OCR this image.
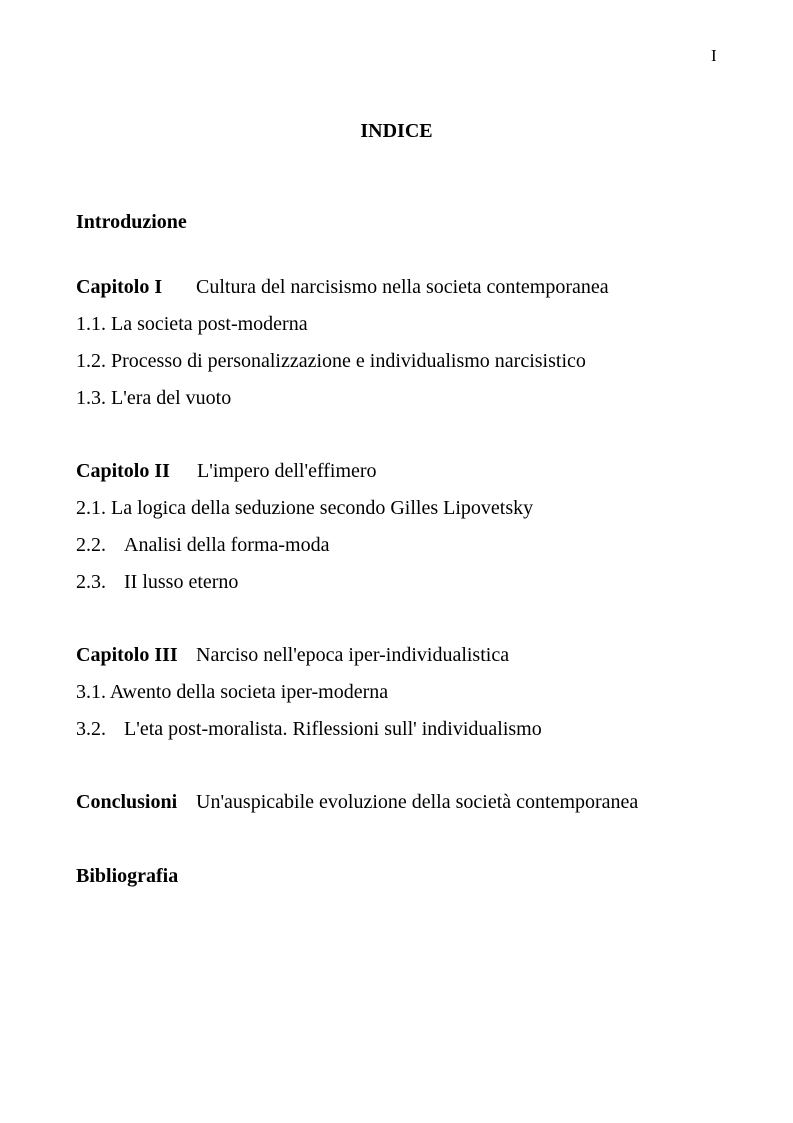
I
INDICE
Introduzione
Capitolo I Cultura del narcisismo nella societa contemporanea
1.1. La societa post-moderna
1.2. Processo di personalizzazione e individualismo narcisistico
1.3. L'era del vuoto
Capitolo II L'impero dell'effimero
2.1. La logica della seduzione secondo Gilles Lipovetsky
2.2. Analisi della forma-moda
2.3. II lusso eterno
Capitolo III Narciso nell'epoca iper-individualistica
3.1. Awento della societa iper-moderna
3.2. L'eta post-moralista. Riflessioni sull' individualismo
Conclusioni Un'auspicabile evoluzione della società contemporanea
Bibliografia
